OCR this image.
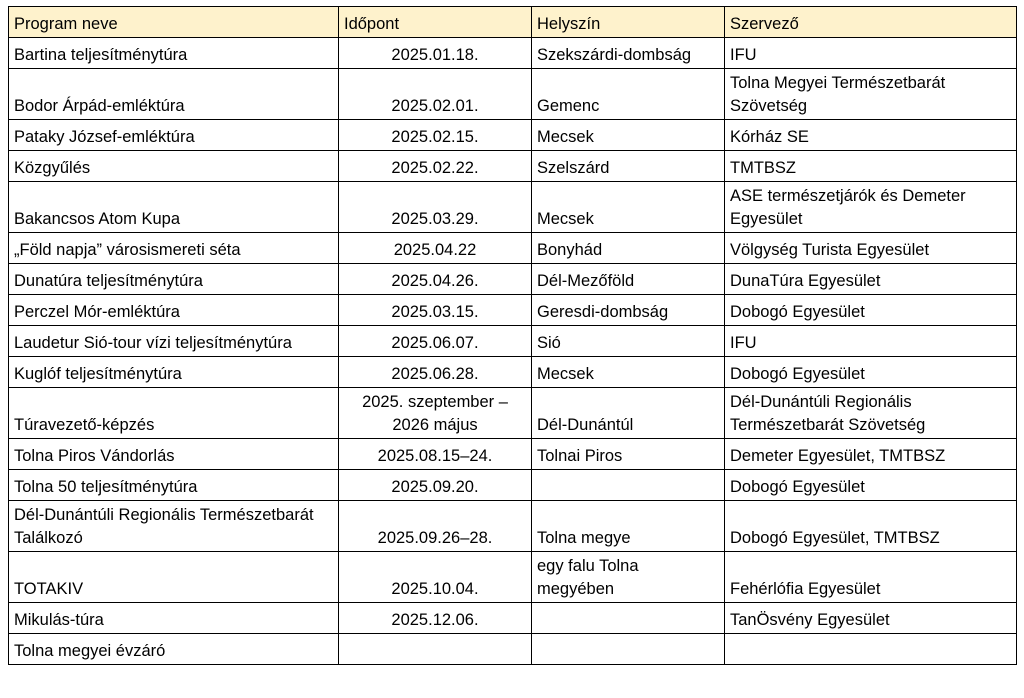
Program neve	Időpont	Helyszín	Szervező
Bartina teljesítménytúra	2025.01.18.	Szekszárdi-dombság	IFU
Bodor Árpád-emléktúra	2025.02.01.	Gemenc	Tolna Megyei Természetbarát Szövetség
Pataky József-emléktúra	2025.02.15.	Mecsek	Kórház SE
Közgyűlés	2025.02.22.	Szelszárd	TMTBSZ
Bakancsos Atom Kupa	2025.03.29.	Mecsek	ASE természetjárók és Demeter Egyesület
„Föld napja” városismereti séta	2025.04.22	Bonyhád	Völgység Turista Egyesület
Dunatúra teljesítménytúra	2025.04.26.	Dél-Mezőföld	DunaTúra Egyesület
Perczel Mór-emléktúra	2025.03.15.	Geresdi-dombság	Dobogó Egyesület
Laudetur Sió-tour vízi teljesítménytúra	2025.06.07.	Sió	IFU
Kuglóf teljesítménytúra	2025.06.28.	Mecsek	Dobogó Egyesület
Túravezető-képzés	2025. szeptember – 2026 május	Dél-Dunántúl	Dél-Dunántúli Regionális Természetbarát Szövetség
Tolna Piros Vándorlás	2025.08.15–24.	Tolnai Piros	Demeter Egyesület, TMTBSZ
Tolna 50 teljesítménytúra	2025.09.20.		Dobogó Egyesület
Dél-Dunántúli Regionális Természetbarát Találkozó	2025.09.26–28.	Tolna megye	Dobogó Egyesület, TMTBSZ
TOTAKIV	2025.10.04.	egy falu Tolna megyében	Fehérlófia Egyesület
Mikulás-túra	2025.12.06.		TanÖsvény Egyesület
Tolna megyei évzáró			
